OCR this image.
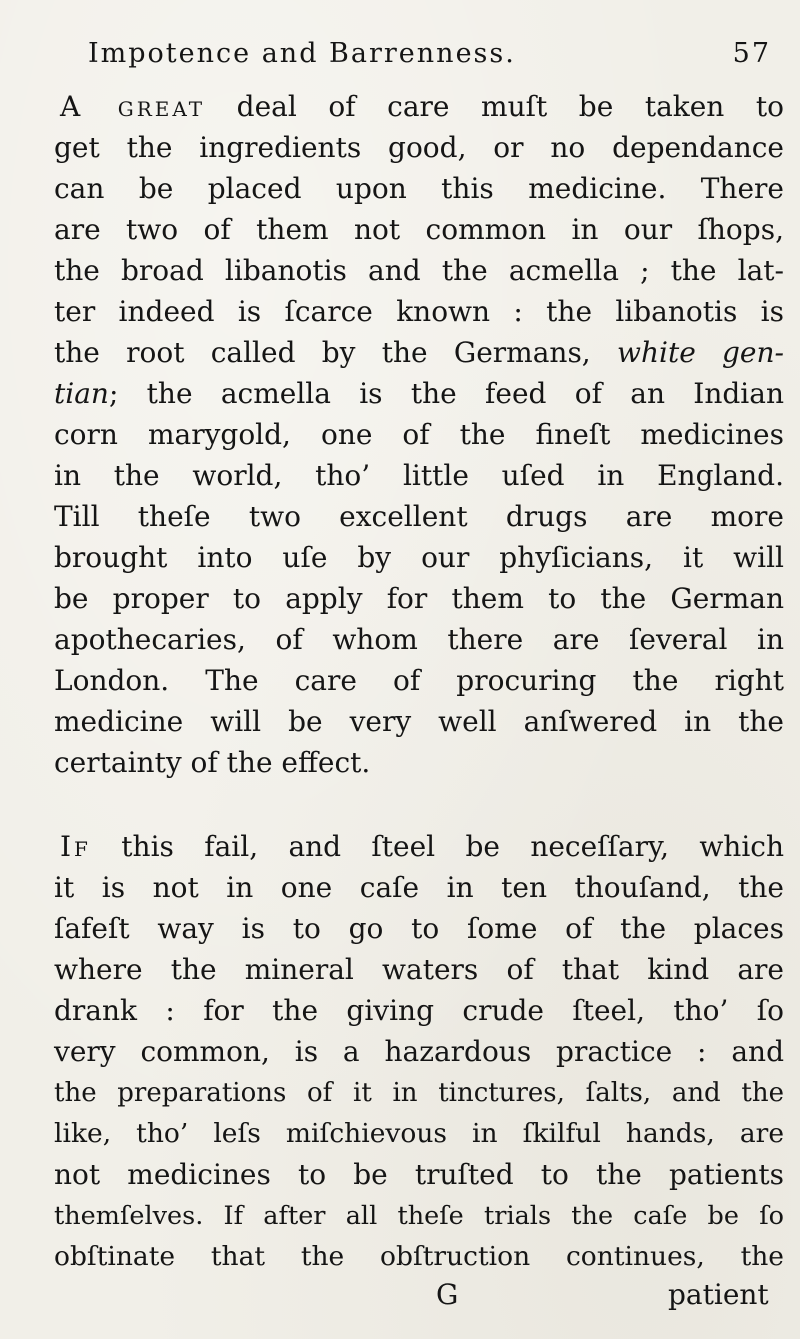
Impotence and Barrenness.	57
A great deal of care muſt be taken to
get the ingredients good, or no dependance
can be placed upon this medicine. There
are two of them not common in our ſhops,
the broad libanotis and the acmella ; the lat-
ter indeed is ſcarce known : the libanotis is
the root called by the Germans, white gen-
tian; the acmella is the feed of an Indian
corn marygold, one of the fineſt medicines
in the world, tho’ little uſed in England.
Till theſe two excellent drugs are more
brought into uſe by our phyſicians, it will
be proper to apply for them to the German
apothecaries, of whom there are ſeveral in
London. The care of procuring the right
medicine will be very well anſwered in the
certainty of the effect.
If this fail, and ſteel be neceſſary, which
it is not in one caſe in ten thouſand, the
ſafeſt way is to go to ſome of the places
where the mineral waters of that kind are
drank : for the giving crude ſteel, tho’ ſo
very common, is a hazardous practice : and
the preparations of it in tinctures, ſalts, and the
like, tho’ leſs miſchievous in ſkilful hands, are
not medicines to be truſted to the patients
themſelves. If after all theſe trials the caſe be ſo
obſtinate that the obſtruction continues, the
G	patient
